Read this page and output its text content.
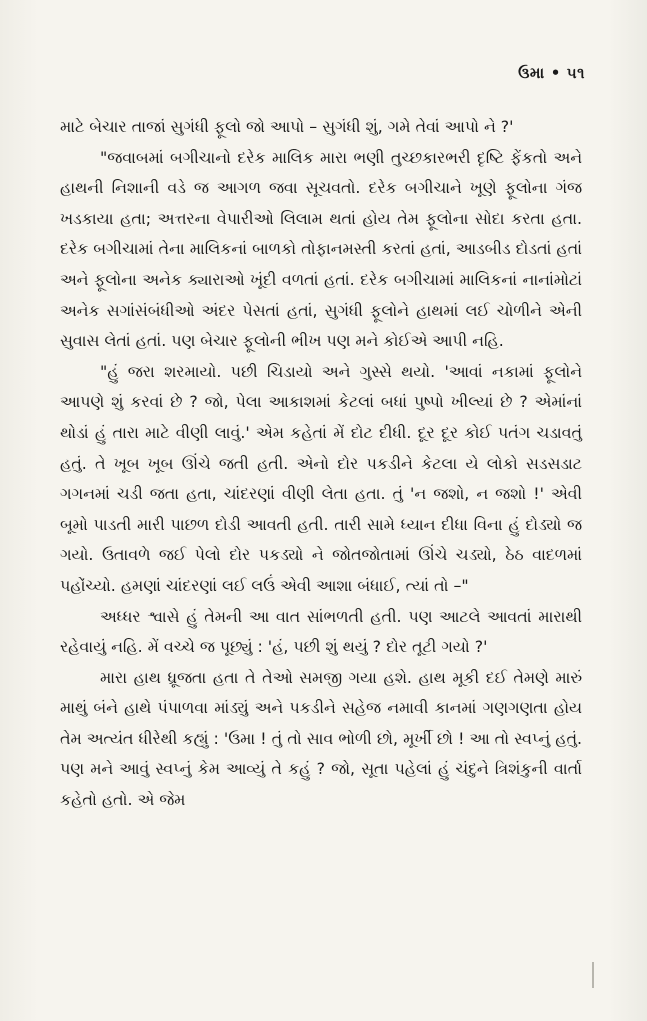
ઉમા • ૫૧

માટે બેચાર તાજાં સુગંધી ફૂલો જો આપો – સુગંધી શું, ગમે તેવાં આપો ને ?'

"જવાબમાં બગીચાનો દરેક માલિક મારા ભણી તુચ્છકારભરી દૃષ્ટિ ફેંકતો અને હાથની નિશાની વડે જ આગળ જવા સૂચવતો. દરેક બગીચાને ખૂણે ફૂલોના ગંજ ખડકાયા હતા; અત્તરના વેપારીઓ લિલામ થતાં હોય તેમ ફૂલોના સોદા કરતા હતા. દરેક બગીચામાં તેના માલિકનાં બાળકો તોફાનમસ્તી કરતાં હતાં, આડબીડ દોડતાં હતાં અને ફૂલોના અનેક ક્યારાઓ ખૂંદી વળતાં હતાં. દરેક બગીચામાં માલિકનાં નાનાંમોટાં અનેક સગાંસંબંધીઓ અંદર પેસતાં હતાં, સુગંધી ફૂલોને હાથમાં લઈ ચોળીને એની સુવાસ લેતાં હતાં. પણ બેચાર ફૂલોની ભીખ પણ મને કોઈએ આપી નહિ.

"હું જરા શરમાયો. પછી ચિડાયો અને ગુસ્સે થયો. 'આવાં નકામાં ફૂલોને આપણે શું કરવાં છે ? જો, પેલા આકાશમાં કેટલાં બધાં પુષ્પો ખીલ્યાં છે ? એમાંનાં થોડાં હું તારા માટે વીણી લાવું.' એમ કહેતાં મેં દોટ દીધી. દૂર દૂર કોઈ પતંગ ચડાવતું હતું. તે ખૂબ ખૂબ ઊંચે જતી હતી. એનો દોર પકડીને કેટલા યે લોકો સડસડાટ ગગનમાં ચડી જતા હતા, ચાંદરણાં વીણી લેતા હતા. તું 'ન જશો, ન જશો !' એવી બૂમો પાડતી મારી પાછળ દોડી આવતી હતી. તારી સામે ધ્યાન દીધા વિના હું દોડ્યો જ ગયો. ઉતાવળે જઈ પેલો દોર પકડ્યો ને જોતજોતામાં ઊંચે ચડ્યો, ઠેઠ વાદળમાં પહોંચ્યો. હમણાં ચાંદરણાં લઈ લઉં એવી આશા બંધાઈ, ત્યાં તો –"

અધ્ધર શ્વાસે હું તેમની આ વાત સાંભળતી હતી. પણ આટલે આવતાં મારાથી રહેવાયું નહિ. મેં વચ્ચે જ પૂછ્યું : 'હં, પછી શું થયું ? દોર તૂટી ગયો ?'

મારા હાથ ધ્રૂજતા હતા તે તેઓ સમજી ગયા હશે. હાથ મૂકી દઈ તેમણે મારું માથું બંને હાથે પંપાળવા માંડ્યું અને પકડીને સહેજ નમાવી કાનમાં ગણગણતા હોય તેમ અત્યંત ધીરેથી કહ્યું : 'ઉમા ! તું તો સાવ ભોળી છો, મૂર્ખી છો ! આ તો સ્વપ્નું હતું. પણ મને આવું સ્વપ્નું કેમ આવ્યું તે કહું ? જો, સૂતા પહેલાં હું ચંદુને ત્રિશંકુની વાર્તા કહેતો હતો. એ જેમ
